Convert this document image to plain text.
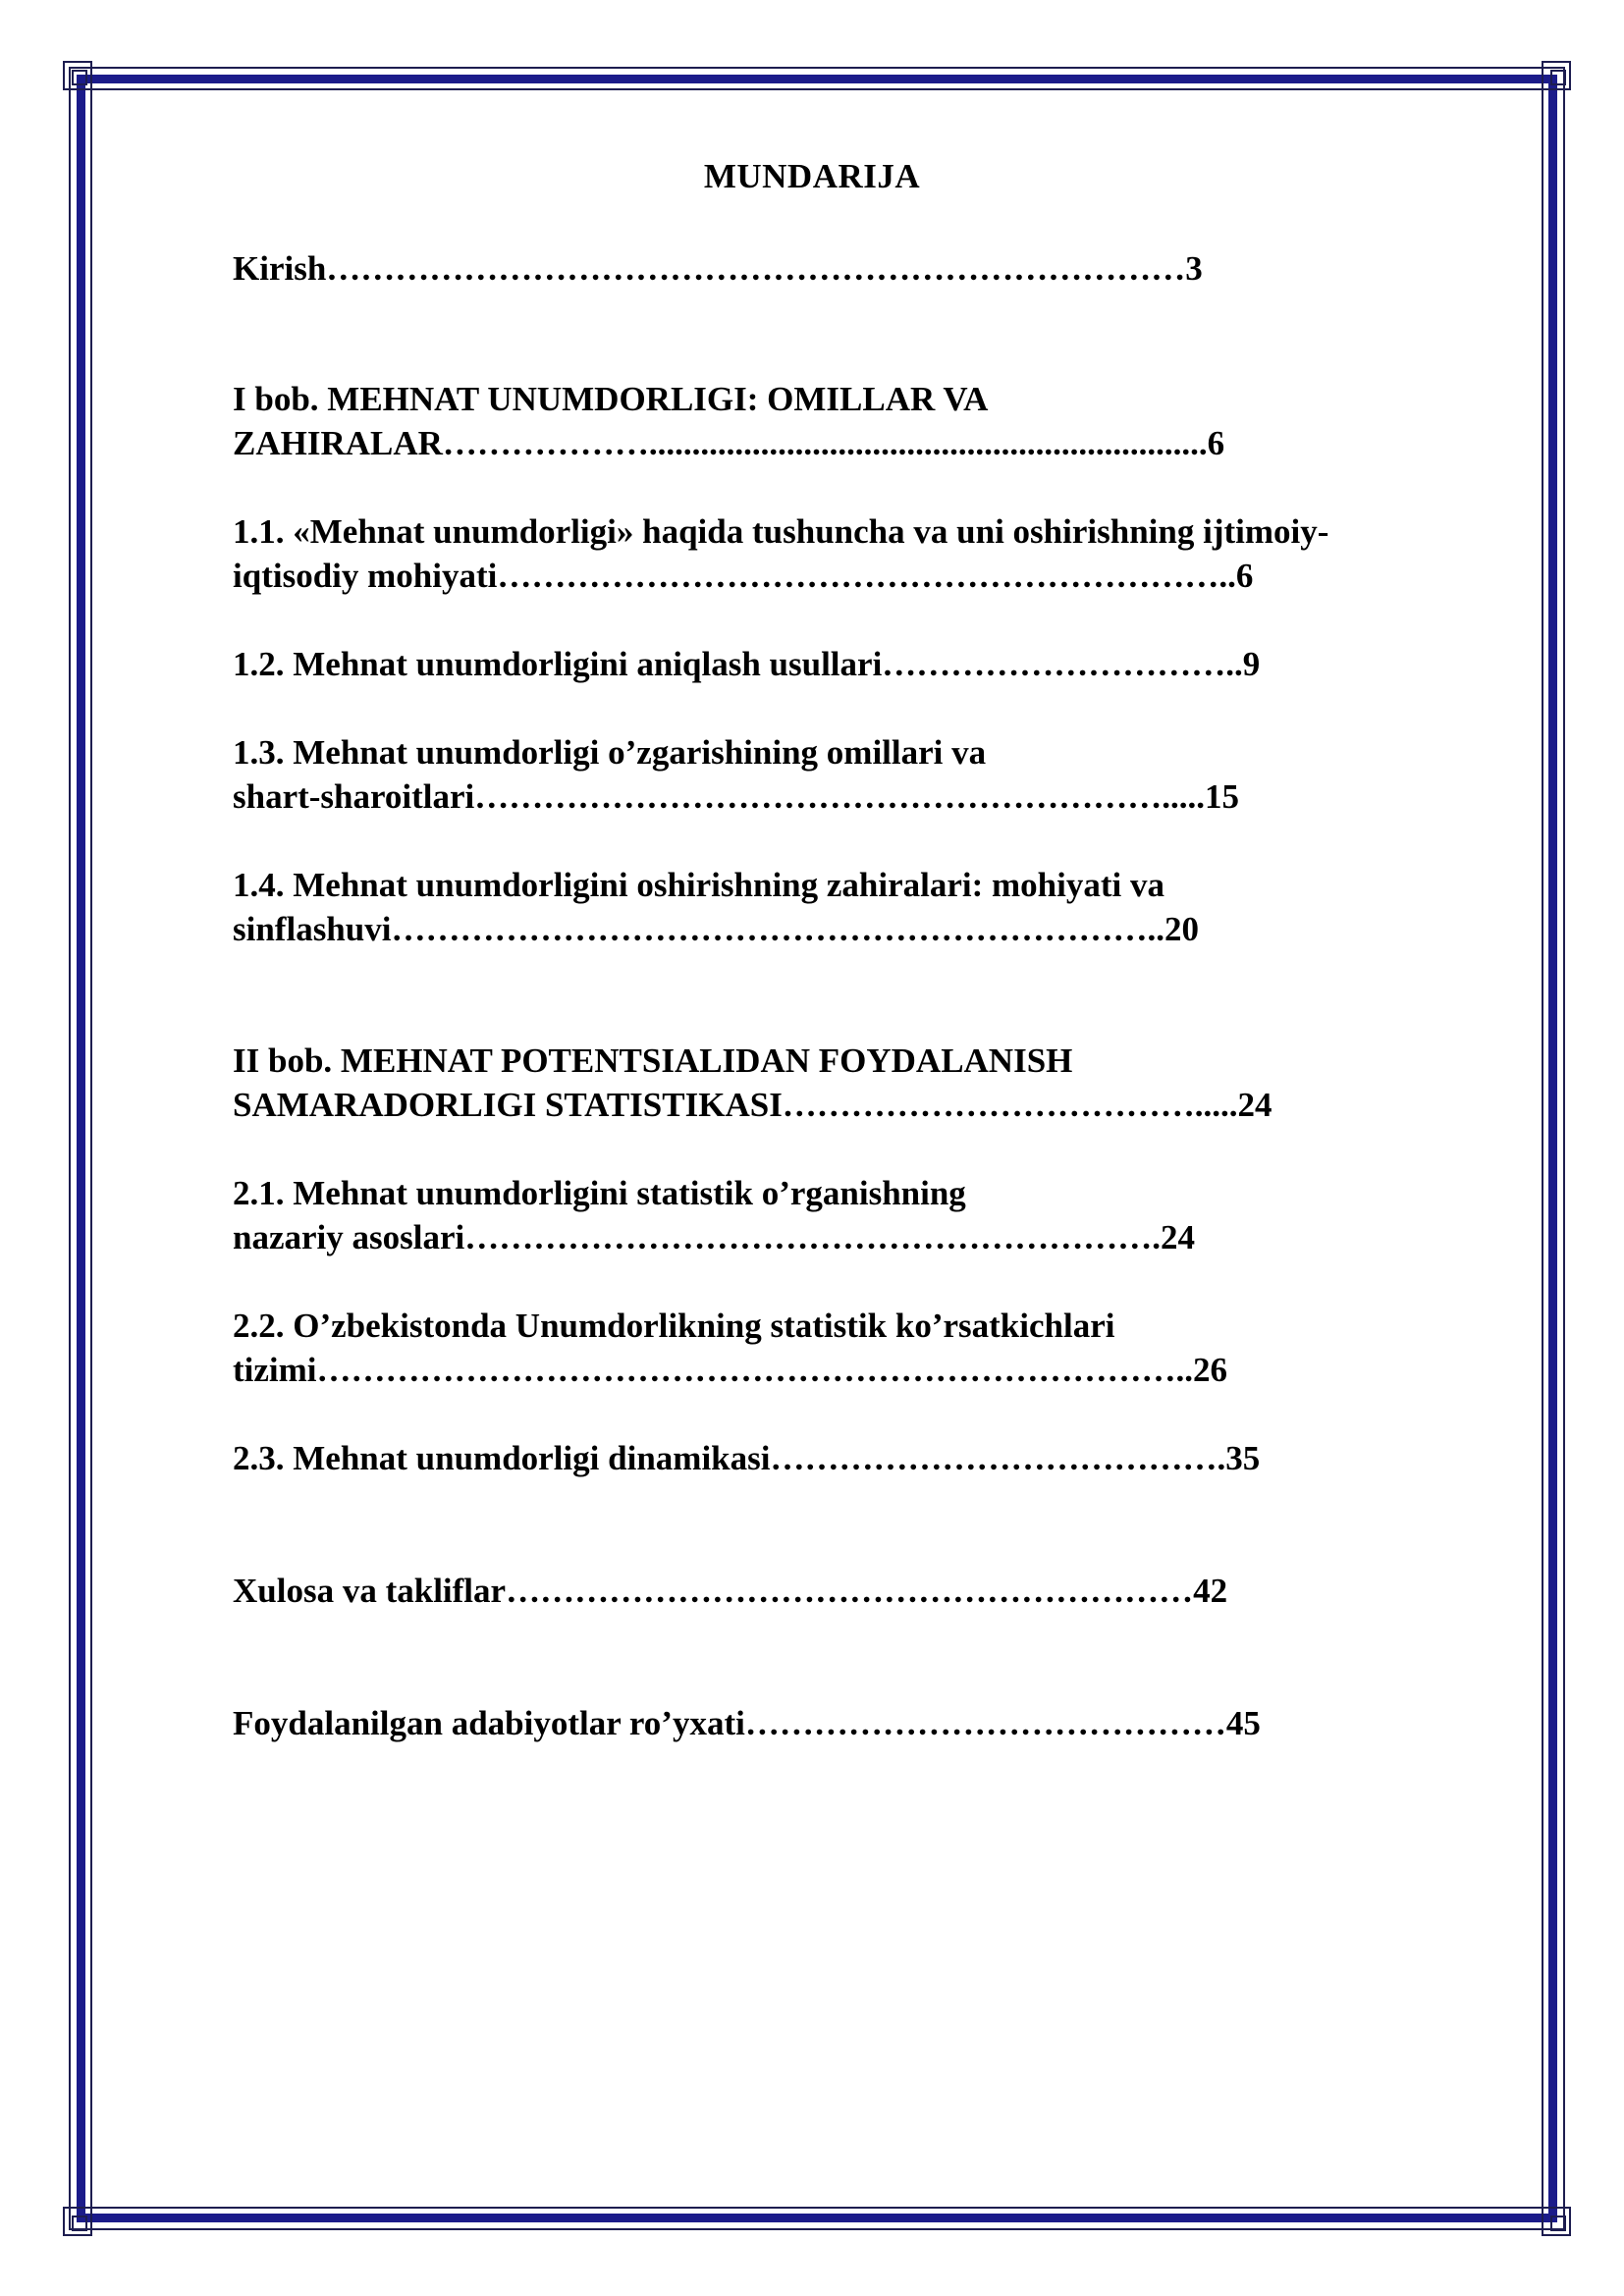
MUNDARIJA
Kirish…………………………………………………………………3
I bob. MEHNAT UNUMDORLIGI: OMILLAR VA
ZAHIRALAR……………….................................................................6
1.1. «Mehnat unumdorligi» haqida tushuncha va uni oshirishning ijtimoiy-
iqtisodiy mohiyati………………………………………………………..6
1.2. Mehnat unumdorligini aniqlash usullari…………………………..9
1.3. Mehnat unumdorligi o’zgarishining omillari va
shart-sharoitlari…………………………………………………….....15
1.4. Mehnat unumdorligini oshirishning zahiralari: mohiyati va
sinflashuvi…………………………………………………………..20
II bob. MEHNAT POTENTSIALIDAN FOYDALANISH
SAMARADORLIGI STATISTIKASI……………………………….....24
2.1. Mehnat unumdorligini statistik o’rganishning
nazariy asoslari…………………………………………………….24
2.2. O’zbekistonda Unumdorlikning statistik ko’rsatkichlari
tizimi…………………………………………………………………..26
2.3. Mehnat unumdorligi dinamikasi………………………………….35
Xulosa va takliflar……………………………………………………42
Foydalanilgan adabiyotlar ro’yxati……………………………………45
